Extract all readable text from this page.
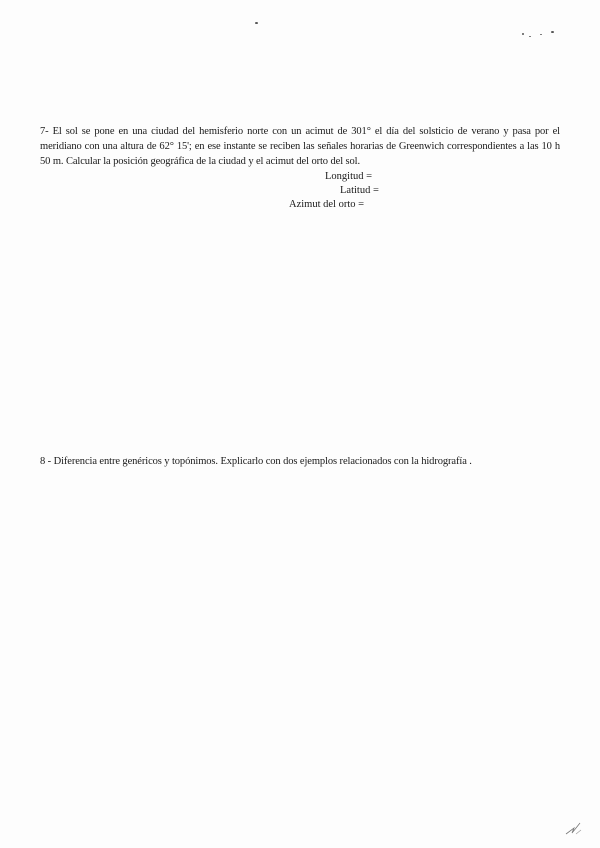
7- El sol se pone en una ciudad del hemisferio norte con un acimut de 301° el día del solsticio de verano y pasa por el meridiano con una altura de 62° 15'; en ese instante se reciben las señales horarias de Greenwich correspondientes a las 10 h 50 m. Calcular la posición geográfica de la ciudad y el acimut del orto del sol.
Longitud =
Latitud =
Azimut del orto =
8 - Diferencia entre genéricos y topónimos. Explicarlo con dos ejemplos relacionados con la hidrografía .
